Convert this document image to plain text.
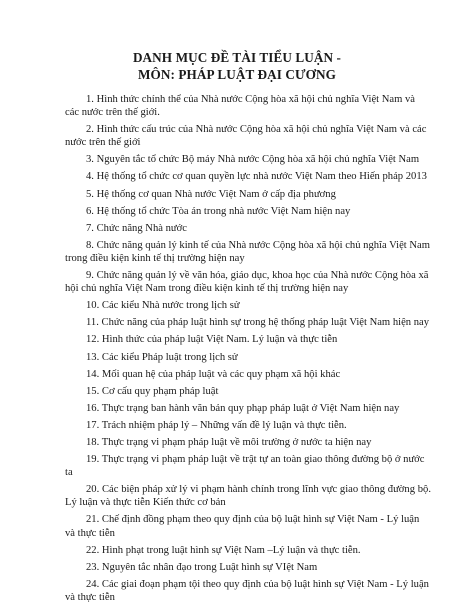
DANH MỤC ĐỀ TÀI TIỂU LUẬN -
MÔN: PHÁP LUẬT ĐẠI CƯƠNG

1. Hình thức chính thể của Nhà nước Cộng hòa xã hội chủ nghĩa Việt Nam và các nước trên thế giới.

2. Hình thức cấu trúc của Nhà nước Cộng hòa xã hội chủ nghĩa Việt Nam và các nước trên thế giới

3. Nguyên tắc tổ chức Bộ máy Nhà nước Cộng hòa xã hội chủ nghĩa Việt Nam

4. Hệ thống tổ chức cơ quan quyền lực nhà nước Việt Nam theo Hiến pháp 2013

5. Hệ thống cơ quan Nhà nước Việt Nam ở cấp địa phương

6. Hệ thống tổ chức Tòa án trong nhà nước Việt Nam hiện nay

7. Chức năng Nhà nước

8. Chức năng quản lý kinh tế của Nhà nước Cộng hòa xã hội chủ nghĩa Việt Nam trong điều kiện kinh tế thị trường hiện nay

9. Chức năng quản lý về văn hóa, giáo dục, khoa học của Nhà nước Cộng hòa xã hội chủ nghĩa Việt Nam trong điều kiện kinh tế thị trường hiện nay

10. Các kiểu Nhà nước trong lịch sử

11. Chức năng của pháp luật hình sự trong hệ thống pháp luật Việt Nam hiện nay

12. Hình thức của pháp luật Việt Nam. Lý luận và thực tiễn

13. Các kiểu Pháp luật trong lịch sử

14. Mối quan hệ của pháp luật và các quy phạm xã hội khác

15. Cơ cấu quy phạm pháp luật

16. Thực trạng ban hành văn bản quy phạp pháp luật ở Việt Nam hiện nay

17. Trách nhiệm pháp lý – Những vấn đề lý luận và thực tiễn.

18. Thực trạng vi phạm pháp luật về môi trường ở nước ta hiện nay

19. Thực trạng vi phạm pháp luật về trật tự an toàn giao thông đường bộ ở nước ta

20. Các biện pháp xử lý vi phạm hành chính trong lĩnh vực giao thông đường bộ. Lý luận và thực tiễn Kiến thức cơ bản

21. Chế định đồng phạm theo quy định của bộ luật hình sự Việt Nam - Lý luận và thực tiễn

22. Hình phạt trong luật hình sự Việt Nam –Lý luận và thực tiễn.

23. Nguyên tắc nhân đạo trong Luật hình sự VIệt Nam

24. Các giai đoạn phạm tội theo quy định của bộ luật hình sự Việt Nam - Lý luận và thực tiễn
